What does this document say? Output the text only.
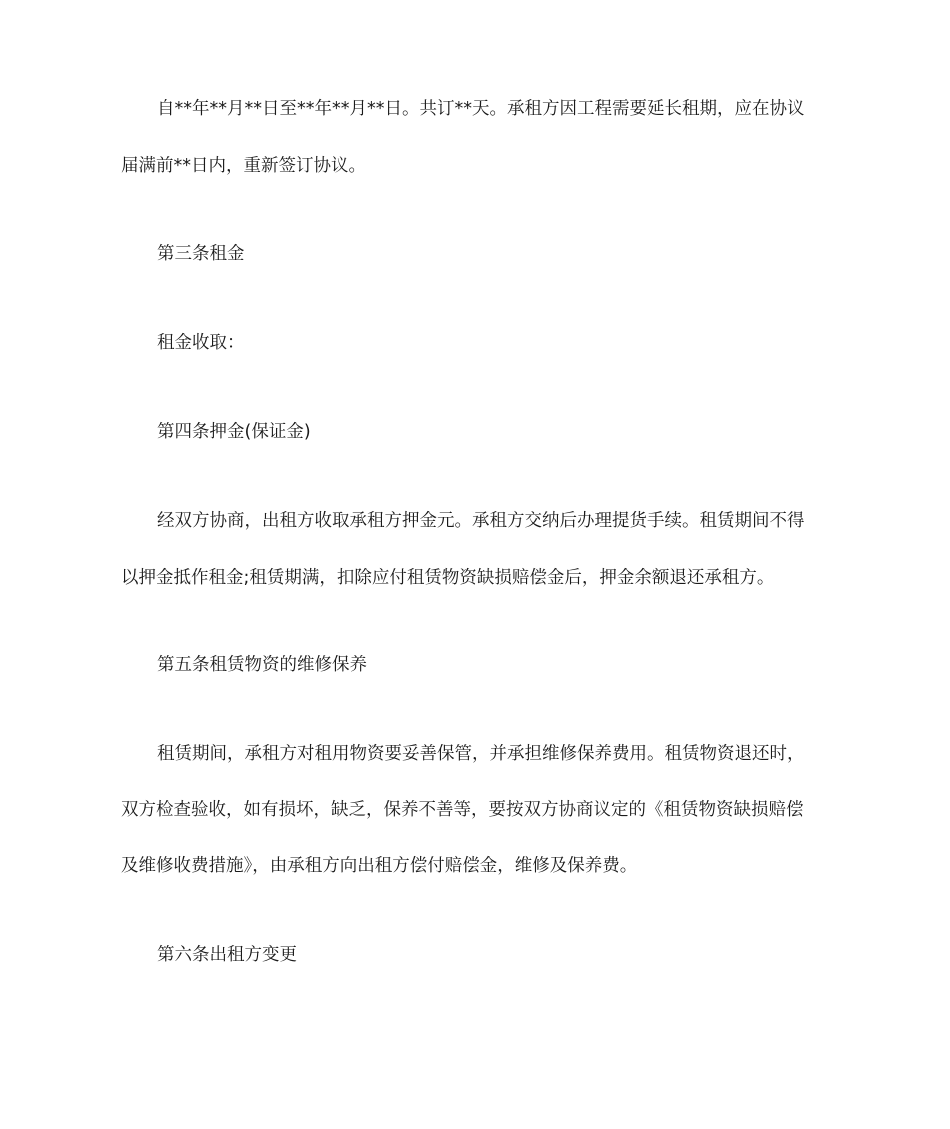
自**年**月**日至**年**月**日。共订**天。承租方因工程需要延长租期，应在协议
届满前**日内，重新签订协议。
第三条租金
租金收取：
第四条押金(保证金)
经双方协商，出租方收取承租方押金元。承租方交纳后办理提货手续。租赁期间不得
以押金抵作租金;租赁期满，扣除应付租赁物资缺损赔偿金后，押金余额退还承租方。
第五条租赁物资的维修保养
租赁期间，承租方对租用物资要妥善保管，并承担维修保养费用。租赁物资退还时，
双方检查验收，如有损坏，缺乏，保养不善等，要按双方协商议定的《租赁物资缺损赔偿
及维修收费措施》，由承租方向出租方偿付赔偿金，维修及保养费。
第六条出租方变更
